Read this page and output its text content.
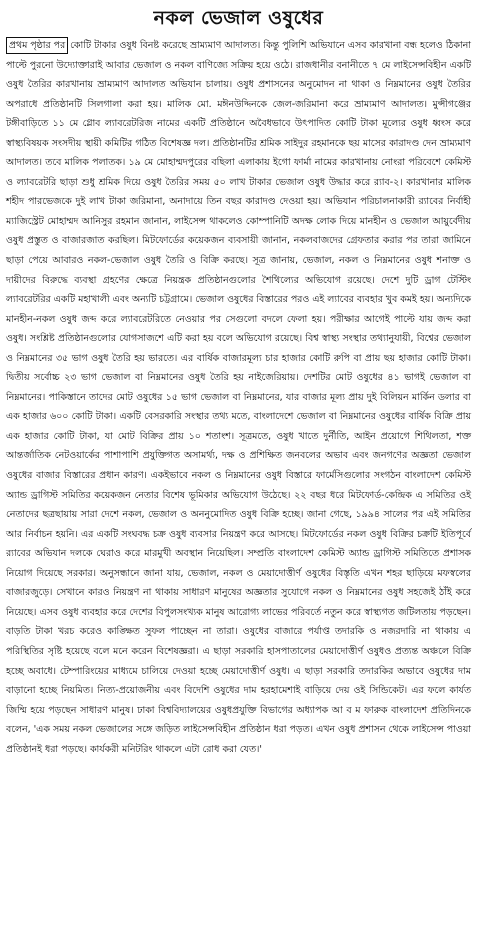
নকল ভেজাল ওষুধের

প্রথম পৃষ্ঠার পর কোটি টাকার ওষুধ বিনষ্ট করেছে ভ্রাম্যমাণ আদালত। কিন্তু পুলিশি অভিযানে এসব কারখানা বন্ধ হলেও ঠিকানা পাল্টে পুরনো উদ্যোক্তারাই আবার ভেজাল ও নকল বাণিজ্যে সক্রিয় হয়ে ওঠে। রাজধানীর বনানীতে ৭ মে লাইসেন্সবিহীন একটি ওষুধ তৈরির কারখানায় ভ্রাম্যমাণ আদালত অভিযান চালায়। ওষুধ প্রশাসনের অনুমোদন না থাকা ও নিম্নমানের ওষুধ তৈরির অপরাধে প্রতিষ্ঠানটি সিলগালা করা হয়। মালিক মো. মঈনউদ্দিনকে জেল-জরিমানা করে ভ্রাম্যমাণ আদালত। মুন্সীগঞ্জের টঙ্গীবাড়িতে ১১ মে গ্লোব ল্যাবরেটরিজ নামের একটি প্রতিষ্ঠানে অবৈধভাবে উৎপাদিত কোটি টাকা মূল্যের ওষুধ ধ্বংস করে স্বাস্থ্যবিষয়ক সংসদীয় স্থায়ী কমিটির গঠিত বিশেষজ্ঞ দল। প্রতিষ্ঠানটির শ্রমিক সাইদুর রহমানকে ছয় মাসের কারাদণ্ড দেন ভ্রাম্যমাণ আদালত। তবে মালিক পলাতক। ১৯ মে মোহাম্মদপুরের বছিলা এলাকায় ইগো ফার্মা নামের কারখানায় নোংরা পরিবেশে কেমিস্ট ও ল্যাবরেটরি ছাড়া শুধু শ্রমিক দিয়ে ওষুধ তৈরির সময় ৫০ লাখ টাকার ভেজাল ওষুধ উদ্ধার করে র‍্যাব-২। কারখানার মালিক শহীদ পারভেজকে দুই লাখ টাকা জরিমানা, অনাদায়ে তিন বছর কারাদণ্ড দেওয়া হয়। অভিযান পরিচালনাকারী র‍্যাবের নির্বাহী ম্যাজিস্ট্রেট মোহাম্মদ আনিসুর রহমান জানান, লাইসেন্স থাকলেও কোম্পানিটি অদক্ষ লোক দিয়ে মানহীন ও ভেজাল আয়ুর্বেদীয় ওষুধ প্রস্তুত ও বাজারজাত করছিল। মিটফোর্ডের কয়েকজন ব্যবসায়ী জানান, নকলবাজদের গ্রেফতার করার পর তারা জামিনে ছাড়া পেয়ে আবারও নকল-ভেজাল ওষুধ তৈরি ও বিক্রি করছে। সূত্র জানায়, ভেজাল, নকল ও নিম্নমানের ওষুধ শনাক্ত ও দায়ীদের বিরুদ্ধে ব্যবস্থা গ্রহণের ক্ষেত্রে নিয়ন্ত্রক প্রতিষ্ঠানগুলোর শৈথিল্যের অভিযোগ রয়েছে। দেশে দুটি ড্রাগ টেস্টিং ল্যাবরেটরির একটি মহাখালী এবং অন্যটি চট্টগ্রামে। ভেজাল ওষুধের বিস্তারের পরও এই ল্যাবের ব্যবহার খুব কমই হয়। অন্যদিকে মানহীন-নকল ওষুধ জব্দ করে ল্যাবরেটরিতে নেওয়ার পর সেগুলো বদলে ফেলা হয়। পরীক্ষার আগেই পাল্টে যায় জব্দ করা ওষুধ। সংশ্লিষ্ট প্রতিষ্ঠানগুলোর যোগসাজশে এটি করা হয় বলে অভিযোগ রয়েছে। বিশ্ব স্বাস্থ্য সংস্থার তথ্যানুযায়ী, বিশ্বের ভেজাল ও নিম্নমানের ৩৫ ভাগ ওষুধ তৈরি হয় ভারতে। এর বার্ষিক বাজারমূল্য চার হাজার কোটি রুপি বা প্রায় ছয় হাজার কোটি টাকা। দ্বিতীয় সর্বোচ্চ ২৩ ভাগ ভেজাল বা নিম্নমানের ওষুধ তৈরি হয় নাইজেরিয়ায়। দেশটির মোট ওষুধের ৪১ ভাগই ভেজাল বা নিম্নমানের। পাকিস্তানে তাদের মোট ওষুধের ১৫ ভাগ ভেজাল বা নিম্নমানের, যার বাজার মূল্য প্রায় দুই বিলিয়ন মার্কিন ডলার বা এক হাজার ৬০০ কোটি টাকা। একটি বেসরকারি সংস্থার তথ্য মতে, বাংলাদেশে ভেজাল বা নিম্নমানের ওষুধের বার্ষিক বিক্রি প্রায় এক হাজার কোটি টাকা, যা মোট বিক্রির প্রায় ১০ শতাংশ। সূত্রমতে, ওষুধ খাতে দুর্নীতি, আইন প্রয়োগে শিথিলতা, শক্ত আন্তর্জাতিক নেটওয়ার্কের পাশাপাশি প্রযুক্তিগত অসামর্থ্য, দক্ষ ও প্রশিক্ষিত জনবলের অভাব এবং জনগণের অজ্ঞতা ভেজাল ওষুধের বাজার বিস্তারের প্রধান কারণ। একইভাবে নকল ও নিম্নমানের ওষুধ বিস্তারে ফার্মেসিগুলোর সংগঠন বাংলাদেশ কেমিস্ট অ্যান্ড ড্রাগিস্ট সমিতির কয়েকজন নেতার বিশেষ ভূমিকার অভিযোগ উঠেছে। ২২ বছর ধরে মিটফোর্ড-কেন্দ্রিক এ সমিতির ওই নেতাদের ছত্রছায়ায় সারা দেশে নকল, ভেজাল ও অননুমোদিত ওষুধ বিক্রি হচ্ছে। জানা গেছে, ১৯৯৪ সালের পর এই সমিতির আর নির্বাচন হয়নি। এর একটি সংঘবদ্ধ চক্র ওষুধ ব্যবসার নিয়ন্ত্রণ করে আসছে। মিটফোর্ডের নকল ওষুধ বিক্রির চক্রটি ইতিপূর্বে র‍্যাবের অভিযান দলকে ঘেরাও করে মারমুখী অবস্থান নিয়েছিল। সম্প্রতি বাংলাদেশ কেমিস্ট অ্যান্ড ড্রাগিস্ট সমিতিতে প্রশাসক নিয়োগ দিয়েছে সরকার। অনুসন্ধানে জানা যায়, ভেজাল, নকল ও মেয়াদোত্তীর্ণ ওষুধের বিস্তৃতি এখন শহর ছাড়িয়ে মফস্বলের বাজারজুড়ে। সেখানে কারও নিয়ন্ত্রণ না থাকায় সাধারণ মানুষের অজ্ঞতার সুযোগে নকল ও নিম্নমানের ওষুধ সহজেই ঠাঁই করে নিয়েছে। এসব ওষুধ ব্যবহার করে দেশের বিপুলসংখ্যক মানুষ আরোগ্য লাভের পরিবর্তে নতুন করে স্বাস্থ্যগত জটিলতায় পড়ছেন। বাড়তি টাকা খরচ করেও কাঙ্ক্ষিত সুফল পাচ্ছেন না তারা। ওষুধের বাজারে পর্যাপ্ত তদারকি ও নজরদারি না থাকায় এ পরিস্থিতির সৃষ্টি হয়েছে বলে মনে করেন বিশেষজ্ঞরা। এ ছাড়া সরকারি হাসপাতালের মেয়াদোত্তীর্ণ ওষুধও প্রত্যন্ত অঞ্চলে বিক্রি হচ্ছে অবাধে। টেম্পারিংয়ের মাধ্যমে চালিয়ে দেওয়া হচ্ছে মেয়াদোত্তীর্ণ ওষুধ। এ ছাড়া সরকারি তদারকির অভাবে ওষুধের দাম বাড়ানো হচ্ছে নিয়মিত। নিত্য-প্রয়োজনীয় এবং বিদেশি ওষুধের দাম হরহামেশাই বাড়িয়ে দেয় ওই সিন্ডিকেট। এর ফলে কার্যত জিম্মি হয়ে পড়ছেন সাধারণ মানুষ। ঢাকা বিশ্ববিদ্যালয়ের ওষুধপ্রযুক্তি বিভাগের অধ্যাপক আ ব ম ফারুক বাংলাদেশ প্রতিদিনকে বলেন, 'এক সময় নকল ভেজালের সঙ্গে জড়িত লাইসেন্সবিহীন প্রতিষ্ঠান ধরা পড়ত। এখন ওষুধ প্রশাসন থেকে লাইসেন্স পাওয়া প্রতিষ্ঠানই ধরা পড়ছে। কার্যকরী মনিটরিং থাকলে এটা রোধ করা যেত।'
